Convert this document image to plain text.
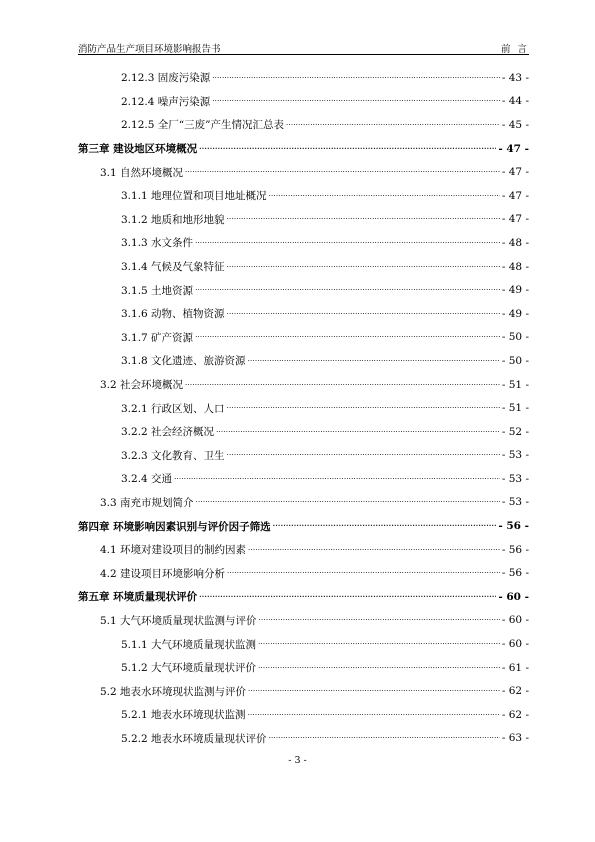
消防产品生产项目环境影响报告书	前 言
2.12.3 固废污染源 ·····	- 43 -
2.12.4 噪声污染源 ·····	- 44 -
2.12.5 全厂“三废”产生情况汇总表 ·····	- 45 -
第三章 建设地区环境概况 ·····	- 47 -
3.1 自然环境概况 ·····	- 47 -
3.1.1 地理位置和项目地址概况 ·····	- 47 -
3.1.2 地质和地形地貌 ·····	- 47 -
3.1.3 水文条件 ·····	- 48 -
3.1.4 气候及气象特征 ·····	- 48 -
3.1.5 土地资源 ·····	- 49 -
3.1.6 动物、植物资源 ·····	- 49 -
3.1.7 矿产资源 ·····	- 50 -
3.1.8 文化遗迹、旅游资源 ·····	- 50 -
3.2 社会环境概况 ·····	- 51 -
3.2.1 行政区划、人口 ·····	- 51 -
3.2.2 社会经济概况 ·····	- 52 -
3.2.3 文化教育、卫生 ·····	- 53 -
3.2.4 交通 ·····	- 53 -
3.3 南充市规划简介 ·····	- 53 -
第四章 环境影响因素识别与评价因子筛选 ·····	- 56 -
4.1 环境对建设项目的制约因素 ·····	- 56 -
4.2 建设项目环境影响分析 ·····	- 56 -
第五章 环境质量现状评价 ·····	- 60 -
5.1 大气环境质量现状监测与评价 ·····	- 60 -
5.1.1 大气环境质量现状监测 ·····	- 60 -
5.1.2 大气环境质量现状评价 ·····	- 61 -
5.2 地表水环境现状监测与评价 ·····	- 62 -
5.2.1 地表水环境现状监测 ·····	- 62 -
5.2.2 地表水环境质量现状评价 ·····	- 63 -
- 3 -
